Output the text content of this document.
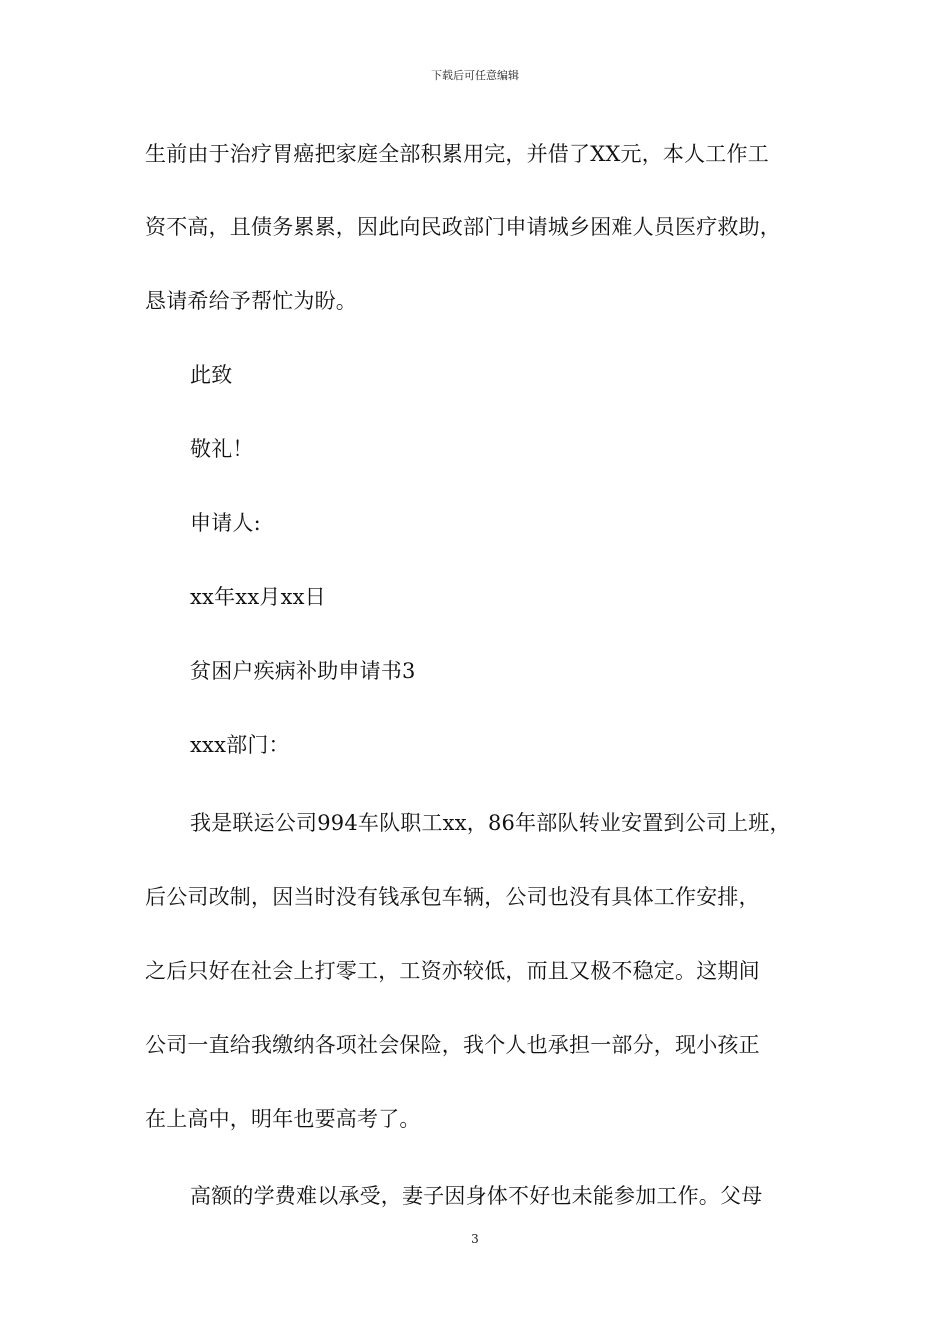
下载后可任意编辑
生前由于治疗胃癌把家庭全部积累用完，并借了XX元，本人工作工
资不高，且债务累累，因此向民政部门申请城乡困难人员医疗救助，
恳请希给予帮忙为盼。
此致
敬礼！
申请人:
xx年xx月xx日
贫困户疾病补助申请书3
xxx部门：
我是联运公司994车队职工xx，86年部队转业安置到公司上班，
后公司改制，因当时没有钱承包车辆，公司也没有具体工作安排，
之后只好在社会上打零工，工资亦较低，而且又极不稳定。这期间
公司一直给我缴纳各项社会保险，我个人也承担一部分，现小孩正
在上高中，明年也要高考了。
高额的学费难以承受，妻子因身体不好也未能参加工作。父母
3
